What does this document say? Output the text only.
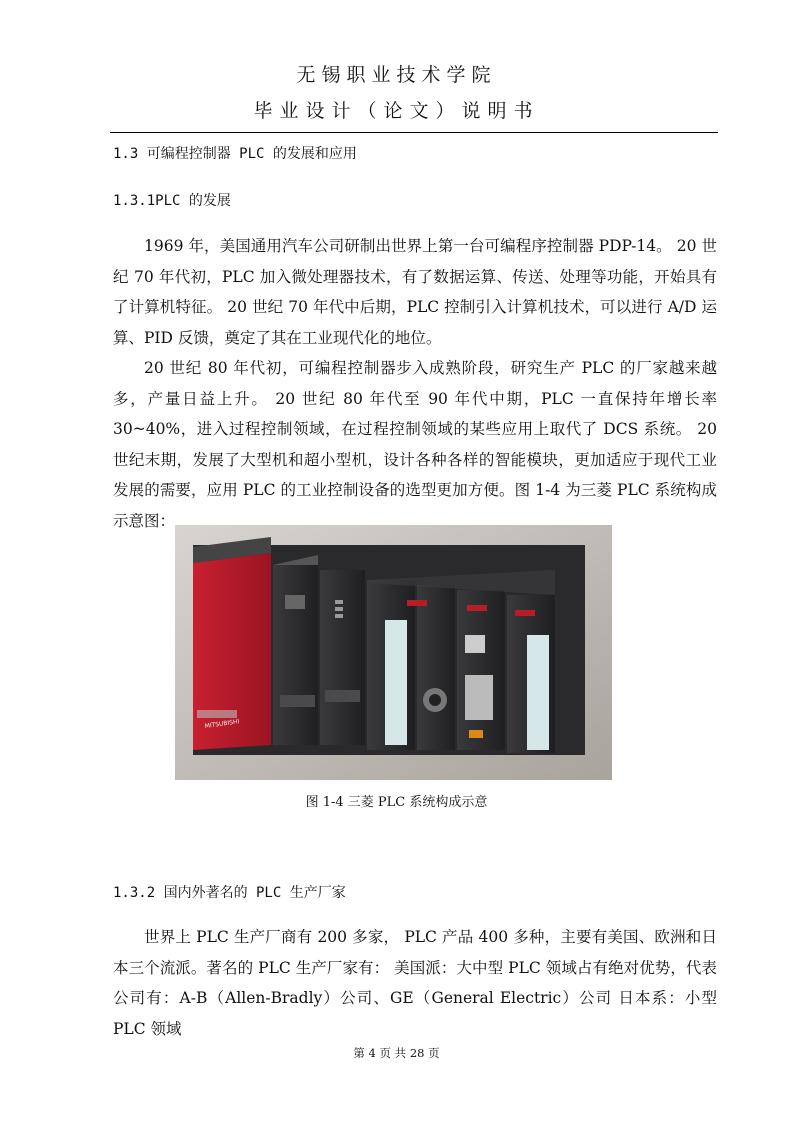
无锡职业技术学院
毕业设计（论文）说明书
1.3 可编程控制器 PLC 的发展和应用
1.3.1PLC 的发展

1969 年，美国通用汽车公司研制出世界上第一台可编程序控制器 PDP-14。 20 世纪 70 年代初，PLC 加入微处理器技术，有了数据运算、传送、处理等功能，开始具有了计算机特征。 20 世纪 70 年代中后期，PLC 控制引入计算机技术，可以进行 A/D 运算、PID 反馈，奠定了其在工业现代化的地位。

20 世纪 80 年代初，可编程控制器步入成熟阶段，研究生产 PLC 的厂家越来越多，产量日益上升。 20 世纪 80 年代至 90 年代中期，PLC 一直保持年增长率 30~40%，进入过程控制领域，在过程控制领域的某些应用上取代了 DCS 系统。 20 世纪末期，发展了大型机和超小型机，设计各种各样的智能模块，更加适应于现代工业发展的需要，应用 PLC 的工业控制设备的选型更加方便。图 1-4 为三菱 PLC 系统构成示意图：

MITSUBISHI
图 1-4 三菱 PLC 系统构成示意
1.3.2 国内外著名的 PLC 生产厂家

世界上 PLC 生产厂商有 200 多家， PLC 产品 400 多种，主要有美国、欧洲和日本三个流派。著名的 PLC 生产厂家有： 美国派：大中型 PLC 领域占有绝对优势，代表公司有：A-B（Allen-Bradly）公司、GE（General Electric）公司 日本系：小型 PLC 领域

第 4 页 共 28 页
